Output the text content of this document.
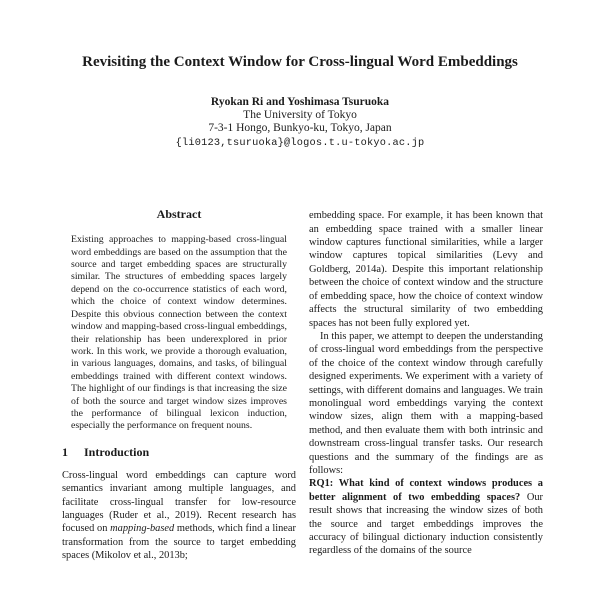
Revisiting the Context Window for Cross-lingual Word Embeddings
Ryokan Ri and Yoshimasa Tsuruoka
The University of Tokyo
7-3-1 Hongo, Bunkyo-ku, Tokyo, Japan
{li0123,tsuruoka}@logos.t.u-tokyo.ac.jp
Abstract

Existing approaches to mapping-based cross-lingual word embeddings are based on the assumption that the source and target embedding spaces are structurally similar. The structures of embedding spaces largely depend on the co-occurrence statistics of each word, which the choice of context window determines. Despite this obvious connection between the context window and mapping-based cross-lingual embeddings, their relationship has been underexplored in prior work. In this work, we provide a thorough evaluation, in various languages, domains, and tasks, of bilingual embeddings trained with different context windows. The highlight of our findings is that increasing the size of both the source and target window sizes improves the performance of bilingual lexicon induction, especially the performance on frequent nouns.

1 Introduction

Cross-lingual word embeddings can capture word semantics invariant among multiple languages, and facilitate cross-lingual transfer for low-resource languages (Ruder et al., 2019). Recent research has focused on mapping-based methods, which find a linear transformation from the source to target embedding spaces (Mikolov et al., 2013b;

embedding space. For example, it has been known that an embedding space trained with a smaller linear window captures functional similarities, while a larger window captures topical similarities (Levy and Goldberg, 2014a). Despite this important relationship between the choice of context window and the structure of embedding space, how the choice of context window affects the structural similarity of two embedding spaces has not been fully explored yet.

In this paper, we attempt to deepen the understanding of cross-lingual word embeddings from the perspective of the choice of the context window through carefully designed experiments. We experiment with a variety of settings, with different domains and languages. We train monolingual word embeddings varying the context window sizes, align them with a mapping-based method, and then evaluate them with both intrinsic and downstream cross-lingual transfer tasks. Our research questions and the summary of the findings are as follows:

RQ1: What kind of context windows produces a better alignment of two embedding spaces? Our result shows that increasing the window sizes of both the source and target embeddings improves the accuracy of bilingual dictionary induction consistently regardless of the domains of the source
